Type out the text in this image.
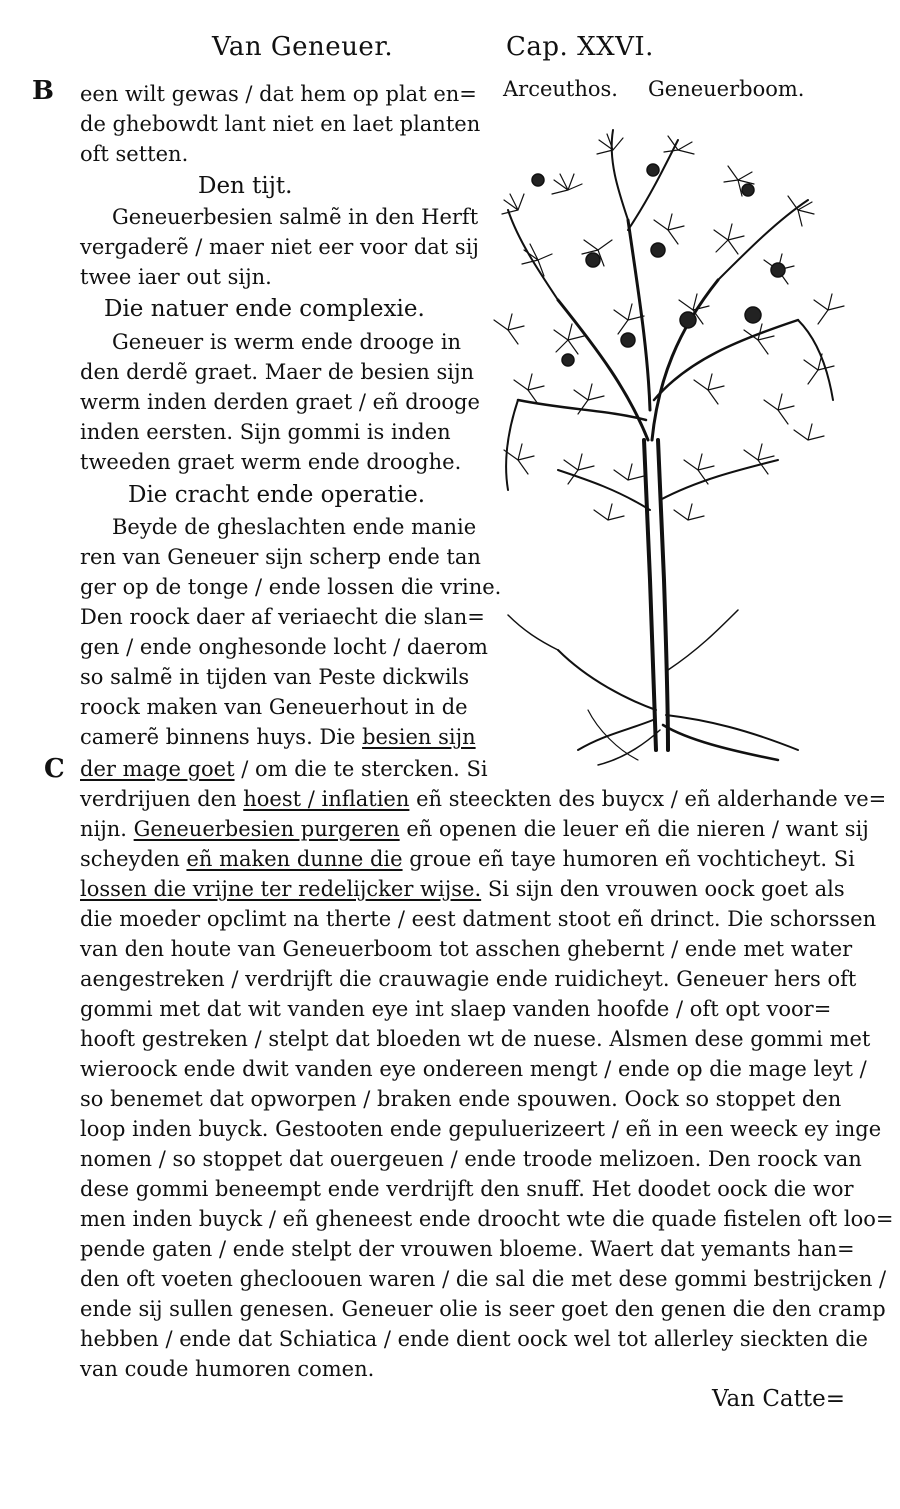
Van Geneuer.	Cap. XXVI.
Arceuthos. Geneuerboom.
B
C
een wilt gewas / dat hem op plat en=
de ghebowdt lant niet en laet planten
oft setten.
Den tijt.
Geneuerbesien salmẽ in den Herft
vergaderẽ / maer niet eer voor dat sij
twee iaer out sijn.
Die natuer ende complexie.
Geneuer is werm ende drooge in
den derdẽ graet. Maer de besien sijn
werm inden derden graet / eñ drooge
inden eersten. Sijn gommi is inden
tweeden graet werm ende drooghe.
Die cracht ende operatie.
Beyde de gheslachten ende manie
ren van Geneuer sijn scherp ende tan
ger op de tonge / ende lossen die vrine.
Den roock daer af veriaecht die slan=
gen / ende onghesonde locht / daerom
so salmẽ in tijden van Peste dickwils
roock maken van Geneuerhout in de
camerẽ binnens huys. Die besien sijn
der mage goet / om die te stercken. Si
verdrijuen den hoest / inflatien eñ steeckten des buycx / eñ alderhande ve=
nijn. Geneuerbesien purgeren eñ openen die leuer eñ die nieren / want sij
scheyden eñ maken dunne die groue eñ taye humoren eñ vochticheyt. Si
lossen die vrijne ter redelijcker wijse. Si sijn den vrouwen oock goet als
die moeder opclimt na therte / eest datment stoot eñ drinct. Die schorssen
van den houte van Geneuerboom tot asschen ghebernt / ende met water
aengestreken / verdrijft die crauwagie ende ruidicheyt. Geneuer hers oft
gommi met dat wit vanden eye int slaep vanden hoofde / oft opt voor=
hooft gestreken / stelpt dat bloeden wt de nuese. Alsmen dese gommi met
wieroock ende dwit vanden eye ondereen mengt / ende op die mage leyt /
so benemet dat opworpen / braken ende spouwen. Oock so stoppet den
loop inden buyck. Gestooten ende gepuluerizeert / eñ in een weeck ey inge
nomen / so stoppet dat ouergeuen / ende troode melizoen. Den roock van
dese gommi beneempt ende verdrijft den snuff. Het doodet oock die wor
men inden buyck / eñ gheneest ende droocht wte die quade fistelen oft loo=
pende gaten / ende stelpt der vrouwen bloeme. Waert dat yemants han=
den oft voeten ghecloouen waren / die sal die met dese gommi bestrijcken /
ende sij sullen genesen. Geneuer olie is seer goet den genen die den cramp
hebben / ende dat Schiatica / ende dient oock wel tot allerley sieckten die
van coude humoren comen.
Van Catte=
